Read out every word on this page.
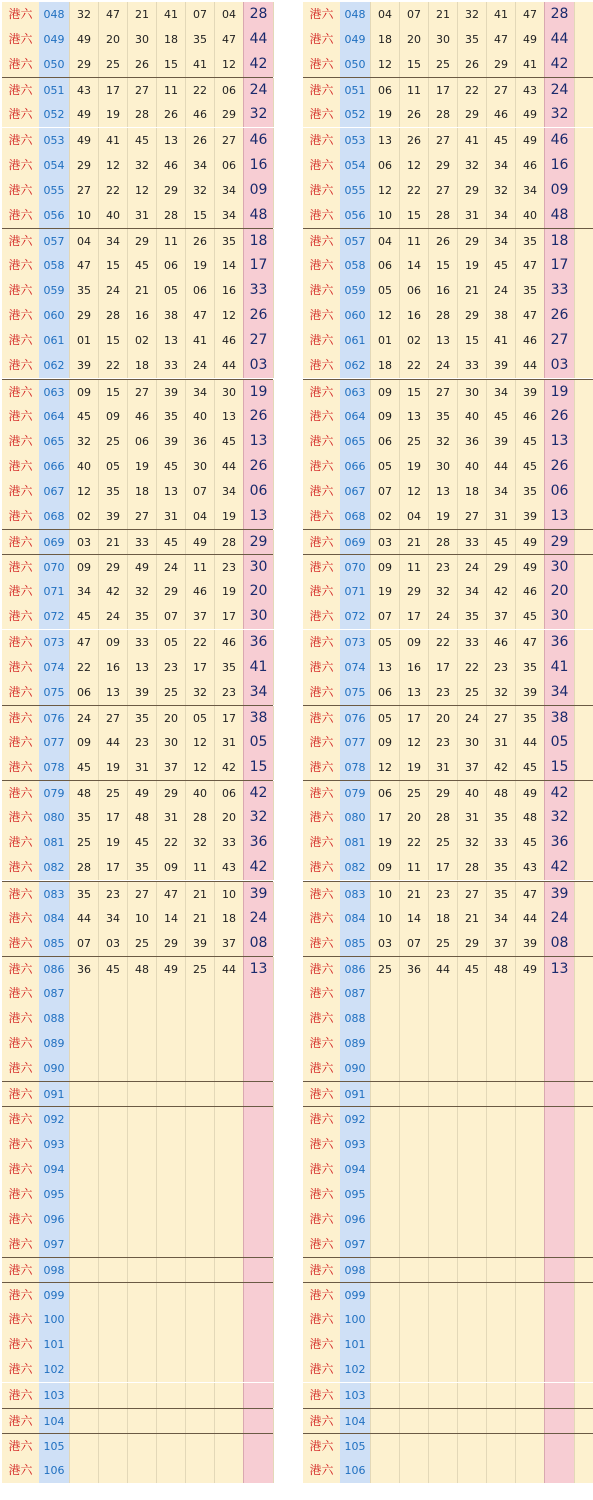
港六	048	32	47	21	41	07	04 28
港六	049	49	20	30	18	35	47 44
港六	050	29	25	26	15	41	12 42
港六	051	43	17	27	11	22	06 24
港六	052	49	19	28	26	46	29 32
港六	053	49	41	45	13	26	27 46
港六	054	29	12	32	46	34	06 16
港六	055	27	22	12	29	32	34 09
港六	056	10	40	31	28	15	34 48
港六	057	04	34	29	11	26	35 18
港六	058	47	15	45	06	19	14 17
港六	059	35	24	21	05	06	16 33
港六	060	29	28	16	38	47	12 26
港六	061	01	15	02	13	41	46 27
港六	062	39	22	18	33	24	44 03
港六	063	09	15	27	39	34	30 19
港六	064	45	09	46	35	40	13 26
港六	065	32	25	06	39	36	45 13
港六	066	40	05	19	45	30	44 26
港六	067	12	35	18	13	07	34 06
港六	068	02	39	27	31	04	19 13
港六	069	03	21	33	45	49	28 29
港六	070	09	29	49	24	11	23 30
港六	071	34	42	32	29	46	19 20
港六	072	45	24	35	07	37	17 30
港六	073	47	09	33	05	22	46 36
港六	074	22	16	13	23	17	35 41
港六	075	06	13	39	25	32	23 34
港六	076	24	27	35	20	05	17 38
港六	077	09	44	23	30	12	31 05
港六	078	45	19	31	37	12	42 15
港六	079	48	25	49	29	40	06 42
港六	080	35	17	48	31	28	20 32
港六	081	25	19	45	22	32	33 36
港六	082	28	17	35	09	11	43 42
港六	083	35	23	27	47	21	10 39
港六	084	44	34	10	14	21	18 24
港六	085	07	03	25	29	39	37 08
港六	086	36	45	48	49	25	44 13
港六	087
港六	088
港六	089
港六	090
港六	091
港六	092
港六	093
港六	094
港六	095
港六	096
港六	097
港六	098
港六	099
港六	100
港六	101
港六	102
港六	103
港六	104
港六	105
港六	106
港六	048	04	07	21	32	41	47 28
港六	049	18	20	30	35	47	49 44
港六	050	12	15	25	26	29	41 42
港六	051	06	11	17	22	27	43 24
港六	052	19	26	28	29	46	49 32
港六	053	13	26	27	41	45	49 46
港六	054	06	12	29	32	34	46 16
港六	055	12	22	27	29	32	34 09
港六	056	10	15	28	31	34	40 48
港六	057	04	11	26	29	34	35 18
港六	058	06	14	15	19	45	47 17
港六	059	05	06	16	21	24	35 33
港六	060	12	16	28	29	38	47 26
港六	061	01	02	13	15	41	46 27
港六	062	18	22	24	33	39	44 03
港六	063	09	15	27	30	34	39 19
港六	064	09	13	35	40	45	46 26
港六	065	06	25	32	36	39	45 13
港六	066	05	19	30	40	44	45 26
港六	067	07	12	13	18	34	35 06
港六	068	02	04	19	27	31	39 13
港六	069	03	21	28	33	45	49 29
港六	070	09	11	23	24	29	49 30
港六	071	19	29	32	34	42	46 20
港六	072	07	17	24	35	37	45 30
港六	073	05	09	22	33	46	47 36
港六	074	13	16	17	22	23	35 41
港六	075	06	13	23	25	32	39 34
港六	076	05	17	20	24	27	35 38
港六	077	09	12	23	30	31	44 05
港六	078	12	19	31	37	42	45 15
港六	079	06	25	29	40	48	49 42
港六	080	17	20	28	31	35	48 32
港六	081	19	22	25	32	33	45 36
港六	082	09	11	17	28	35	43 42
港六	083	10	21	23	27	35	47 39
港六	084	10	14	18	21	34	44 24
港六	085	03	07	25	29	37	39 08
港六	086	25	36	44	45	48	49 13
港六	087
港六	088
港六	089
港六	090
港六	091
港六	092
港六	093
港六	094
港六	095
港六	096
港六	097
港六	098
港六	099
港六	100
港六	101
港六	102
港六	103
港六	104
港六	105
港六	106
